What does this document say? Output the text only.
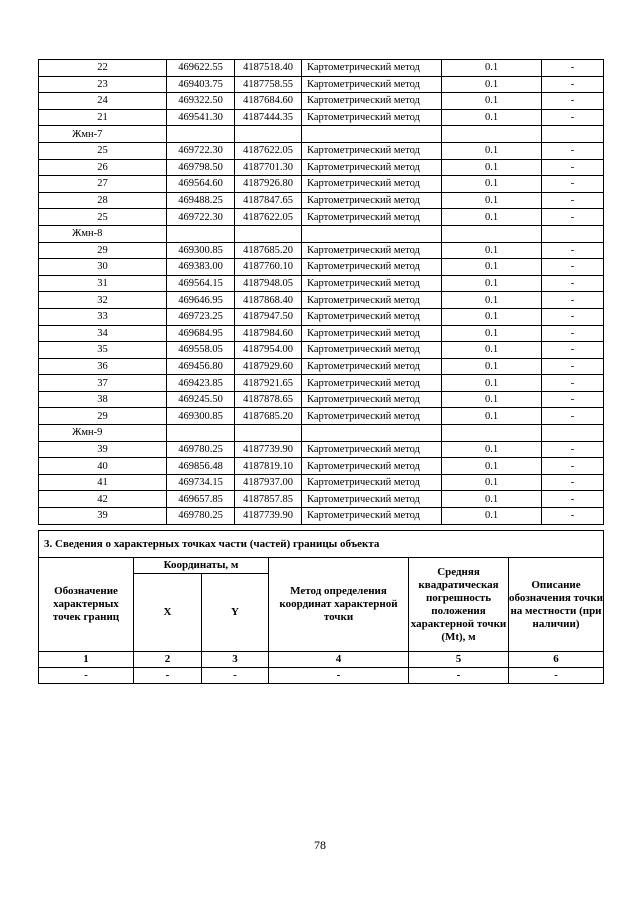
22	469622.55	4187518.40	Картометрический метод	0.1	-
23	469403.75	4187758.55	Картометрический метод	0.1	-
24	469322.50	4187684.60	Картометрический метод	0.1	-
21	469541.30	4187444.35	Картометрический метод	0.1	-
Жмн-7					
25	469722.30	4187622.05	Картометрический метод	0.1	-
26	469798.50	4187701.30	Картометрический метод	0.1	-
27	469564.60	4187926.80	Картометрический метод	0.1	-
28	469488.25	4187847.65	Картометрический метод	0.1	-
25	469722.30	4187622.05	Картометрический метод	0.1	-
Жмн-8					
29	469300.85	4187685.20	Картометрический метод	0.1	-
30	469383.00	4187760.10	Картометрический метод	0.1	-
31	469564.15	4187948.05	Картометрический метод	0.1	-
32	469646.95	4187868.40	Картометрический метод	0.1	-
33	469723.25	4187947.50	Картометрический метод	0.1	-
34	469684.95	4187984.60	Картометрический метод	0.1	-
35	469558.05	4187954.00	Картометрический метод	0.1	-
36	469456.80	4187929.60	Картометрический метод	0.1	-
37	469423.85	4187921.65	Картометрический метод	0.1	-
38	469245.50	4187878.65	Картометрический метод	0.1	-
29	469300.85	4187685.20	Картометрический метод	0.1	-
Жмн-9					
39	469780.25	4187739.90	Картометрический метод	0.1	-
40	469856.48	4187819.10	Картометрический метод	0.1	-
41	469734.15	4187937.00	Картометрический метод	0.1	-
42	469657.85	4187857.85	Картометрический метод	0.1	-
39	469780.25	4187739.90	Картометрический метод	0.1	-
3. Сведения о характерных точках части (частей) границы объекта					
Обозначение характерных точек границ	Координаты, м		Метод определения координат характерной точки	Средняя квадратическая погрешность положения характерной точки (Mt), м	Описание обозначения точки на местности (при наличии)
	X	Y			
1	2	3	4	5	6
-	-	-	-	-	-
78
